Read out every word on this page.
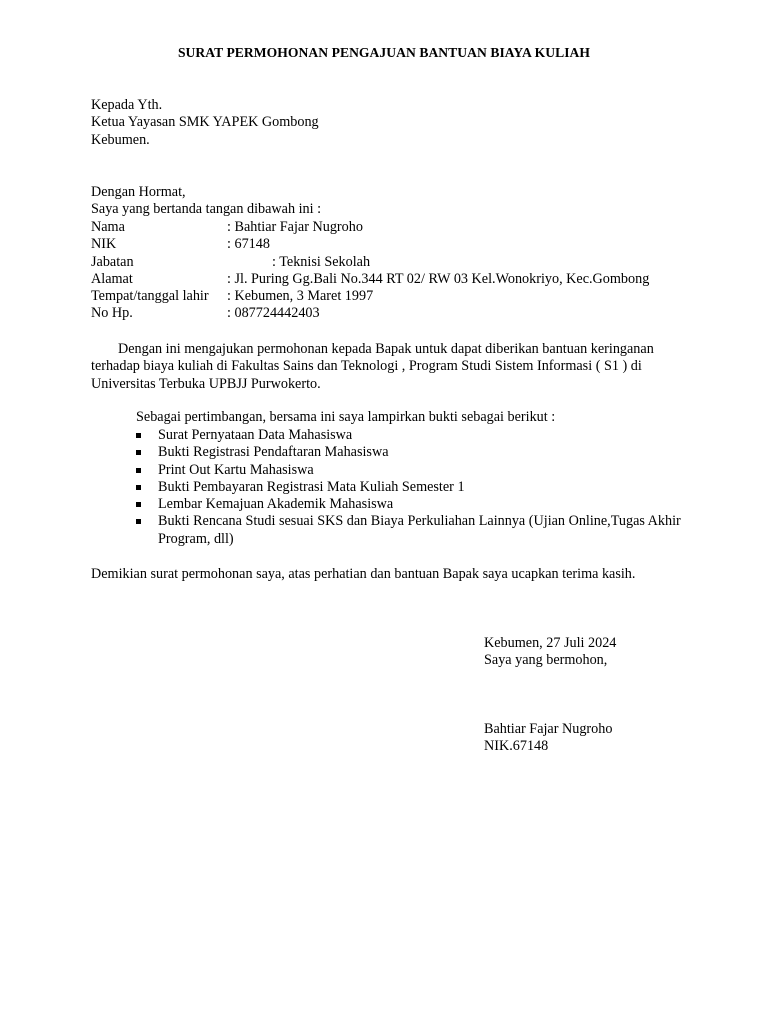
SURAT PERMOHONAN PENGAJUAN BANTUAN BIAYA KULIAH
Kepada Yth.
Ketua Yayasan SMK YAPEK Gombong
Kebumen.
Dengan Hormat,
Saya yang bertanda tangan dibawah ini :
Nama	: Bahtiar Fajar Nugroho
NIK	: 67148
Jabatan	: Teknisi Sekolah
Alamat	: Jl. Puring Gg.Bali No.344 RT 02/ RW 03 Kel.Wonokriyo, Kec.Gombong
Tempat/tanggal lahir : Kebumen, 3 Maret 1997
No Hp.	: 087724442403
Dengan ini mengajukan permohonan kepada Bapak untuk dapat diberikan bantuan keringanan
terhadap biaya kuliah di Fakultas Sains dan Teknologi , Program Studi Sistem Informasi ( S1 ) di
Universitas Terbuka UPBJJ Purwokerto.
Sebagai pertimbangan, bersama ini saya lampirkan bukti sebagai berikut :
Surat Pernyataan Data Mahasiswa
Bukti Registrasi Pendaftaran Mahasiswa
Print Out Kartu Mahasiswa
Bukti Pembayaran Registrasi Mata Kuliah Semester 1
Lembar Kemajuan Akademik Mahasiswa
Bukti Rencana Studi sesuai SKS dan Biaya Perkuliahan Lainnya (Ujian Online,Tugas Akhir Program, dll)
Demikian surat permohonan saya, atas perhatian dan bantuan Bapak saya ucapkan terima kasih.
Kebumen, 27 Juli 2024
Saya yang bermohon,
Bahtiar Fajar Nugroho
NIK.67148
